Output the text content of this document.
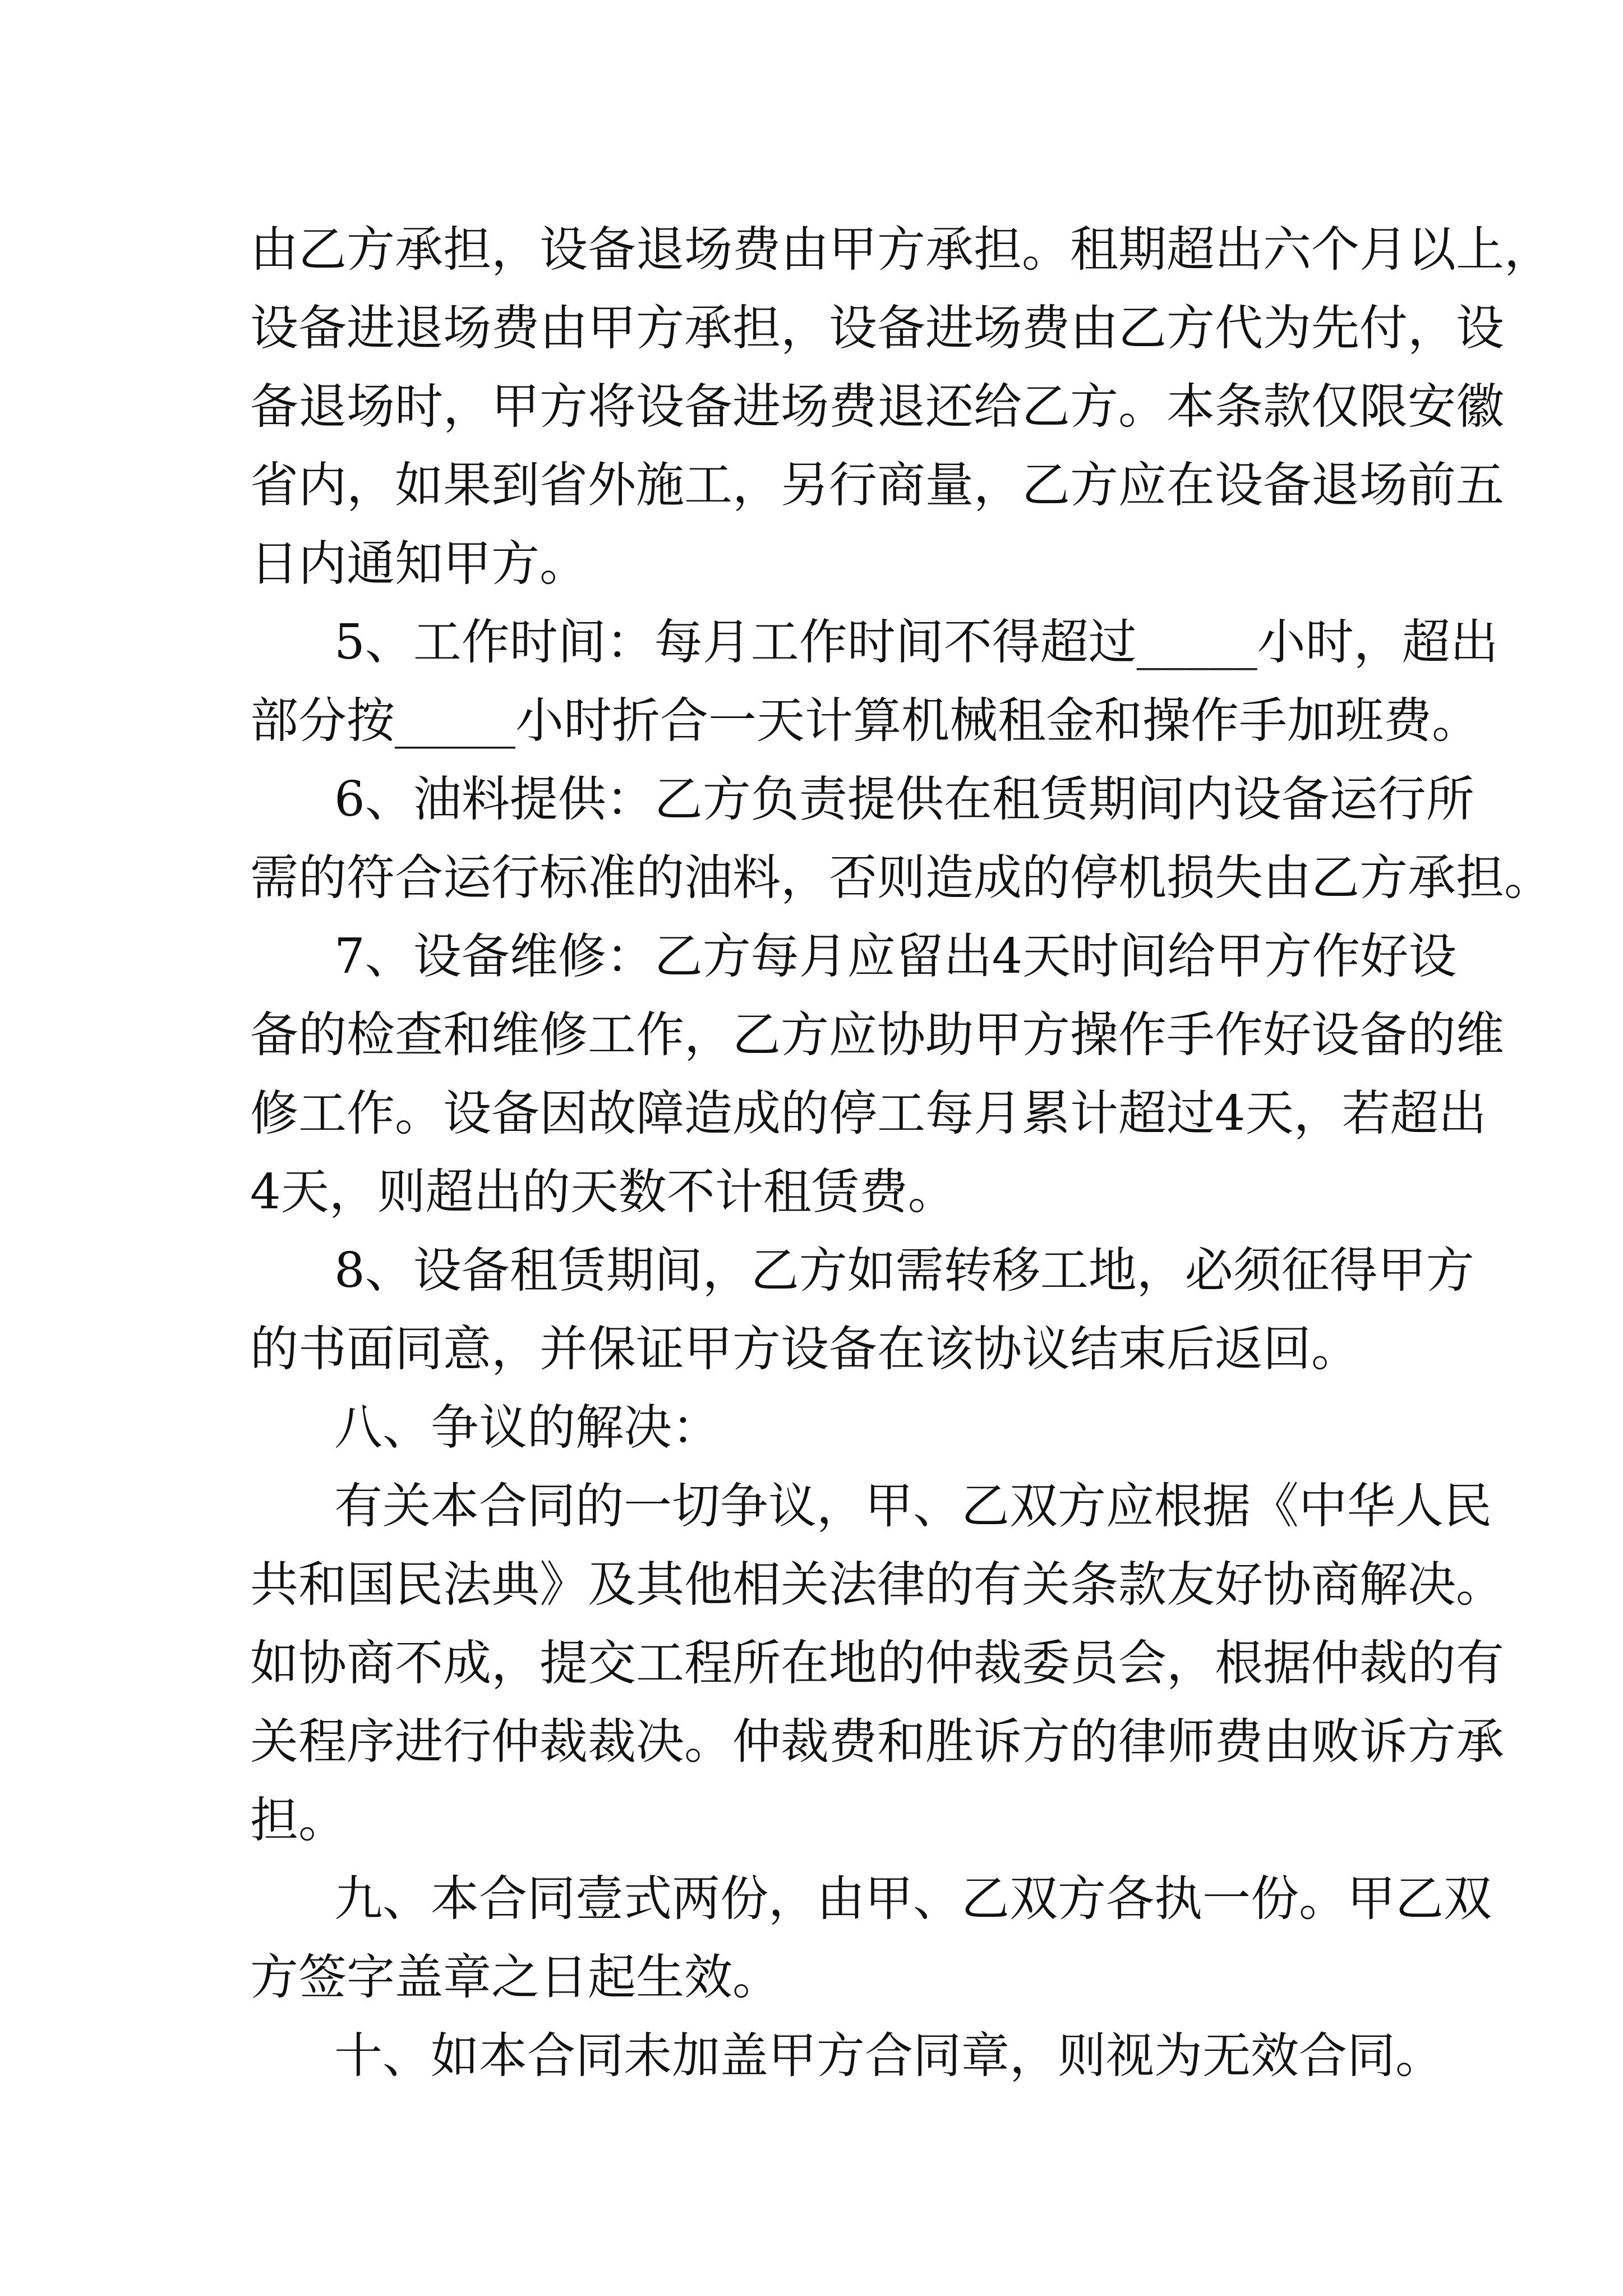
由乙方承担，设备退场费由甲方承担。租期超出六个月以上，
设备进退场费由甲方承担，设备进场费由乙方代为先付，设
备退场时，甲方将设备进场费退还给乙方。本条款仅限安徽
省内，如果到省外施工，另行商量，乙方应在设备退场前五
日内通知甲方。
5、工作时间：每月工作时间不得超过_____小时，超出
部分按_____小时折合一天计算机械租金和操作手加班费。
6、油料提供：乙方负责提供在租赁期间内设备运行所
需的符合运行标准的油料，否则造成的停机损失由乙方承担。
7、设备维修：乙方每月应留出4天时间给甲方作好设
备的检查和维修工作，乙方应协助甲方操作手作好设备的维
修工作。设备因故障造成的停工每月累计超过4天，若超出
4天，则超出的天数不计租赁费。
8、设备租赁期间，乙方如需转移工地，必须征得甲方
的书面同意，并保证甲方设备在该协议结束后返回。
八、争议的解决：
有关本合同的一切争议，甲、乙双方应根据《中华人民
共和国民法典》及其他相关法律的有关条款友好协商解决。
如协商不成，提交工程所在地的仲裁委员会，根据仲裁的有
关程序进行仲裁裁决。仲裁费和胜诉方的律师费由败诉方承
担。
九、本合同壹式两份，由甲、乙双方各执一份。甲乙双
方签字盖章之日起生效。
十、如本合同未加盖甲方合同章，则视为无效合同。
